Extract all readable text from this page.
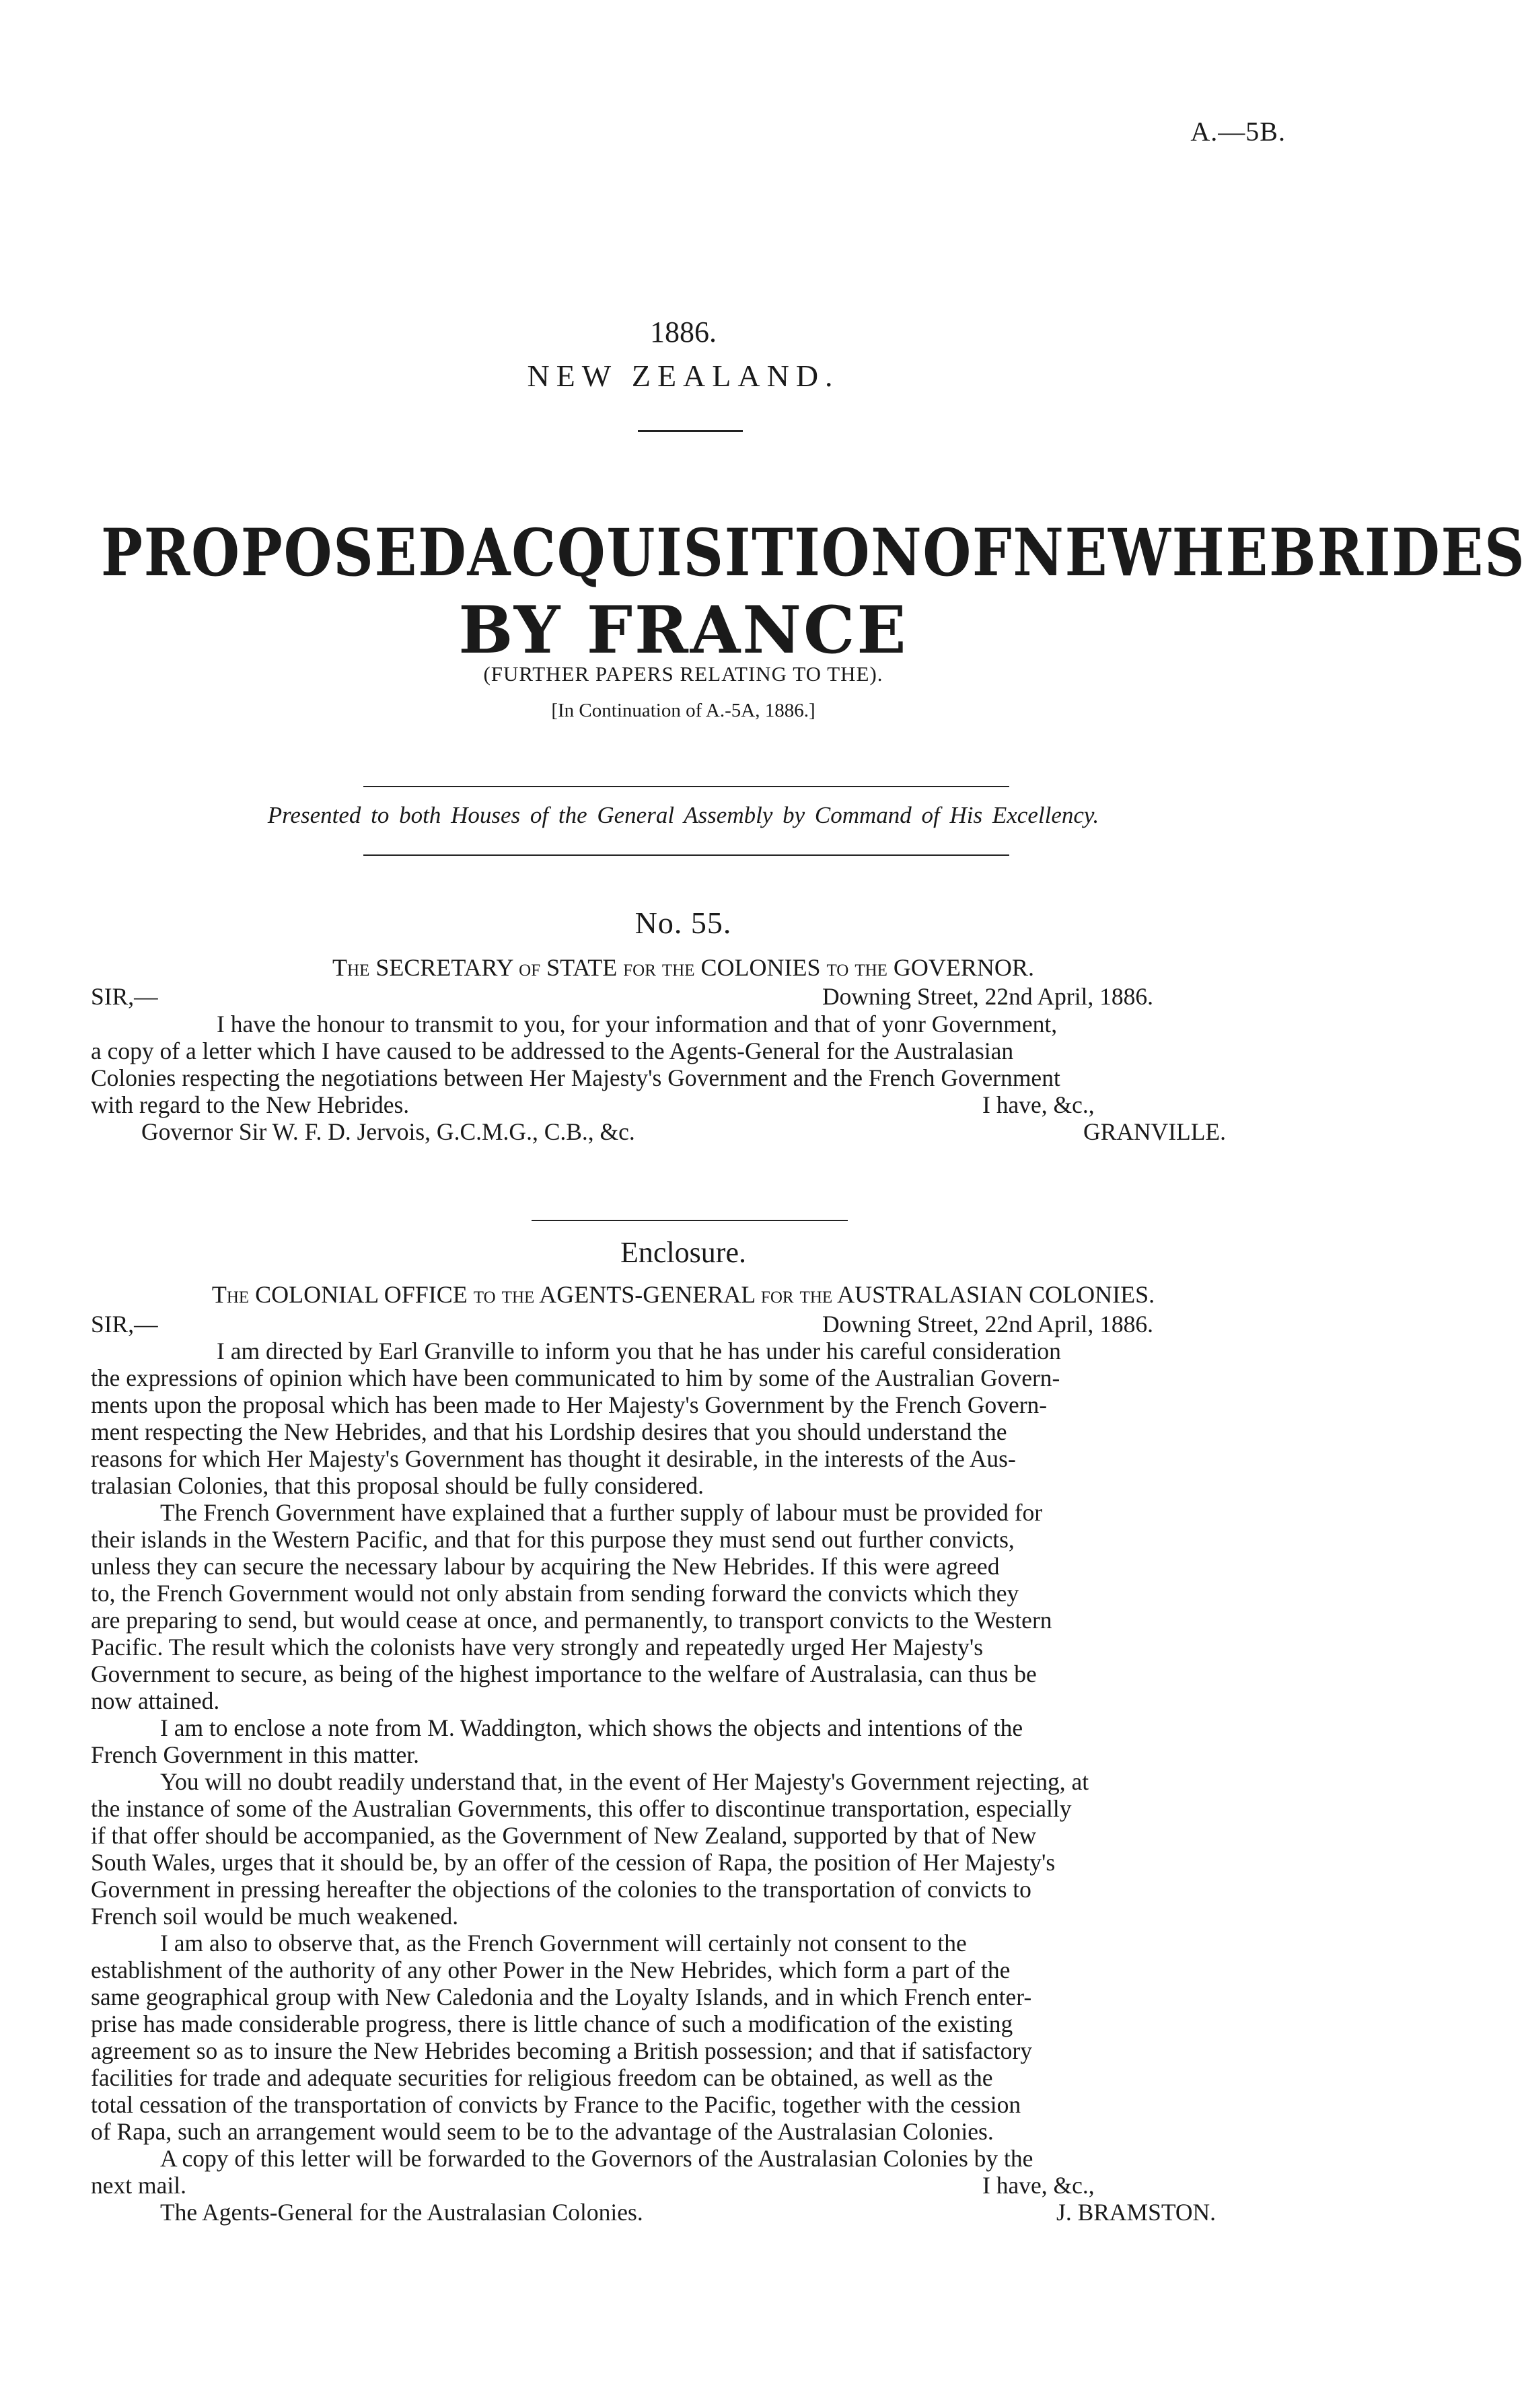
A.—5B.
1886.
NEW ZEALAND.
PROPOSED ACQUISITION OF NEW HEBRIDES
BY FRANCE
(FURTHER PAPERS RELATING TO THE).
[In Continuation of A.-5A, 1886.]
Presented to both Houses of the General Assembly by Command of His Excellency.
No. 55.
The SECRETARY of STATE for the COLONIES to the GOVERNOR.
SIR,—	Downing Street, 22nd April, 1886.
I have the honour to transmit to you, for your information and that of yonr Government,
a copy of a letter which I have caused to be addressed to the Agents-General for the Australasian
Colonies respecting the negotiations between Her Majesty's Government and the French Government
with regard to the New Hebrides.	I have, &c.,
Governor Sir W. F. D. Jervois, G.C.M.G., C.B., &c.	GRANVILLE.
Enclosure.
The COLONIAL OFFICE to the AGENTS-GENERAL for the AUSTRALASIAN COLONIES.
SIR,—	Downing Street, 22nd April, 1886.
I am directed by Earl Granville to inform you that he has under his careful consideration
the expressions of opinion which have been communicated to him by some of the Australian Govern-
ments upon the proposal which has been made to Her Majesty's Government by the French Govern-
ment respecting the New Hebrides, and that his Lordship desires that you should understand the
reasons for which Her Majesty's Government has thought it desirable, in the interests of the Aus-
tralasian Colonies, that this proposal should be fully considered.
The French Government have explained that a further supply of labour must be provided for
their islands in the Western Pacific, and that for this purpose they must send out further convicts,
unless they can secure the necessary labour by acquiring the New Hebrides. If this were agreed
to, the French Government would not only abstain from sending forward the convicts which they
are preparing to send, but would cease at once, and permanently, to transport convicts to the Western
Pacific. The result which the colonists have very strongly and repeatedly urged Her Majesty's
Government to secure, as being of the highest importance to the welfare of Australasia, can thus be
now attained.
I am to enclose a note from M. Waddington, which shows the objects and intentions of the
French Government in this matter.
You will no doubt readily understand that, in the event of Her Majesty's Government rejecting, at
the instance of some of the Australian Governments, this offer to discontinue transportation, especially
if that offer should be accompanied, as the Government of New Zealand, supported by that of New
South Wales, urges that it should be, by an offer of the cession of Rapa, the position of Her Majesty's
Government in pressing hereafter the objections of the colonies to the transportation of convicts to
French soil would be much weakened.
I am also to observe that, as the French Government will certainly not consent to the
establishment of the authority of any other Power in the New Hebrides, which form a part of the
same geographical group with New Caledonia and the Loyalty Islands, and in which French enter-
prise has made considerable progress, there is little chance of such a modification of the existing
agreement so as to insure the New Hebrides becoming a British possession; and that if satisfactory
facilities for trade and adequate securities for religious freedom can be obtained, as well as the
total cessation of the transportation of convicts by France to the Pacific, together with the cession
of Rapa, such an arrangement would seem to be to the advantage of the Australasian Colonies.
A copy of this letter will be forwarded to the Governors of the Australasian Colonies by the
next mail.	I have, &c.,
The Agents-General for the Australasian Colonies.	J. BRAMSTON.
